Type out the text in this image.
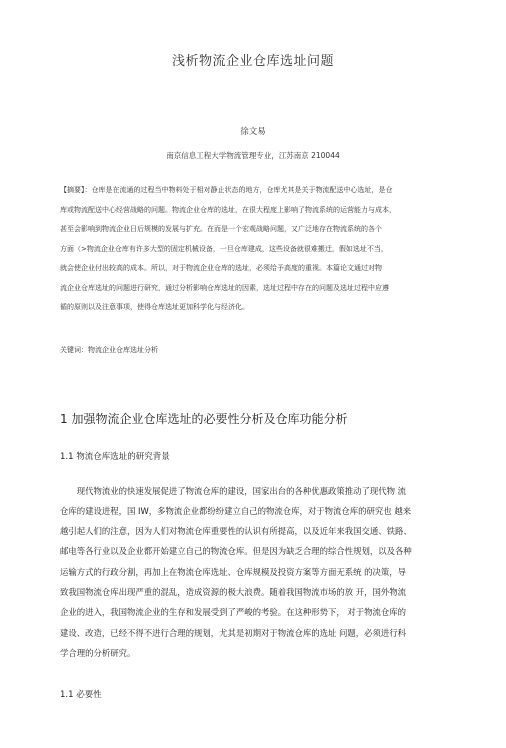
浅析物流企业仓库选址问题
徐文易
南京信息工程大学物流管理专业，江苏南京 210044
【摘要】：仓库是在流通的过程当中物料处于相对静止状态的地方，仓库尤其是关于物流配送中心选址，是仓
库或物流配送中心经营战略的问题。物流企业仓库的选址，在很大程度上影响了物流系统的运营能力与成本，
甚至会影响到物流企业日后规模的发展与扩充。在而是一个宏观战略问题，又广泛地存在物流系统的各个
方面（>物流企业仓库有许多大型的固定机械设备，一旦仓库建成，这些设备就很难搬迁，假如选址不当，
就会使企业付出较高的成本。所以，对于物流企业仓库的选址，必须给予高度的重视。本篇论文通过对物
流企业仓库选址的问题进行研究，通过分析影响仓库选址的因素，选址过程中存在的问题及选址过程中应遵
循的原则以及注意事项，使得仓库选址更加科学化与经济化。
关键词：物流企业仓库选址分析
1 加强物流企业仓库选址的必要性分析及仓库功能分析
1.1 物流仓库选址的研究背景
　　现代物流业的快速发展促进了物流仓库的建设，国家出台的各种优惠政策推动了现代物 流
仓库的建设进程，国 IW，多物流企业都纷纷建立自己的物流仓库，对于物流仓库的研究也 越来
越引起人们的注意，因为人们对物流仓库重要性的认识有所提高，以及近年来我国交通、铁路、
邮电等各行业以及企业都开始建立自己的物流仓库。但是因为缺乏合理的综合性规划，以及各种
运输方式的行政分割，再加上在物流仓库选址、仓库规模及投资方案等方面无系统 的决策，导
致我国物流仓库出现严重的混乱，造成资源的极大浪费。随着我国物流市场的放 开，国外物流
企业的进入，我国物流企业的生存和发展受到了严峻的考验。在这种形势下， 对于物流仓库的
建设、改造，已经不得不进行合理的规划，尤其是初期对于物流仓库的选址 问题，必须进行科
学合理的分析研究。
1.1 必要性
